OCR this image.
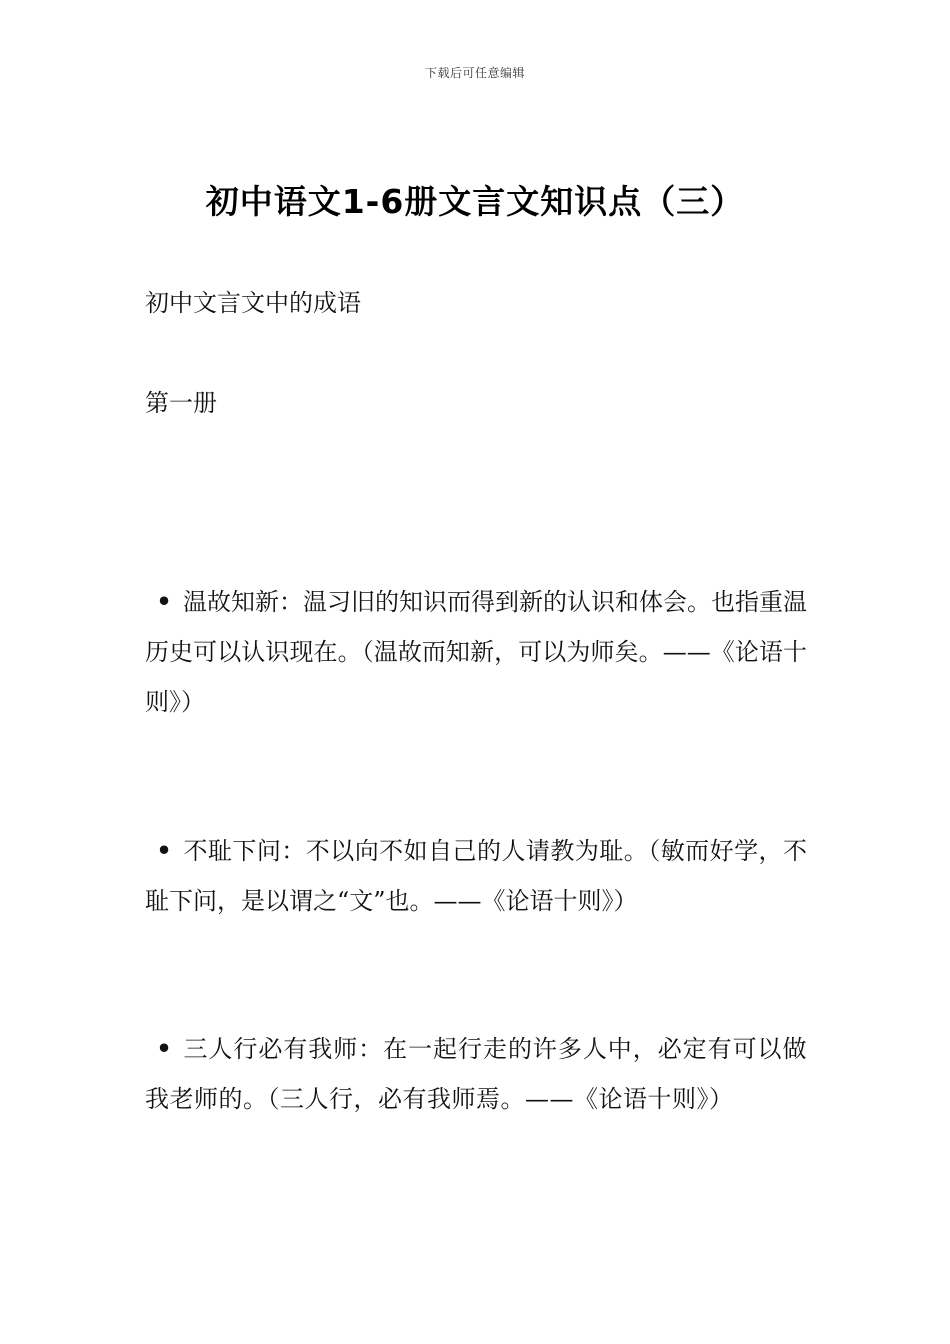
下载后可任意编辑
初中语文1-6册文言文知识点（三）
初中文言文中的成语
第一册
• 温故知新：温习旧的知识而得到新的认识和体会。也指重温历史可以认识现在。（温故而知新，可以为师矣。——《论语十则》）
• 不耻下问：不以向不如自己的人请教为耻。（敏而好学，不耻下问，是以谓之“文”也。——《论语十则》）
• 三人行必有我师：在一起行走的许多人中，必定有可以做我老师的。（三人行，必有我师焉。——《论语十则》）
